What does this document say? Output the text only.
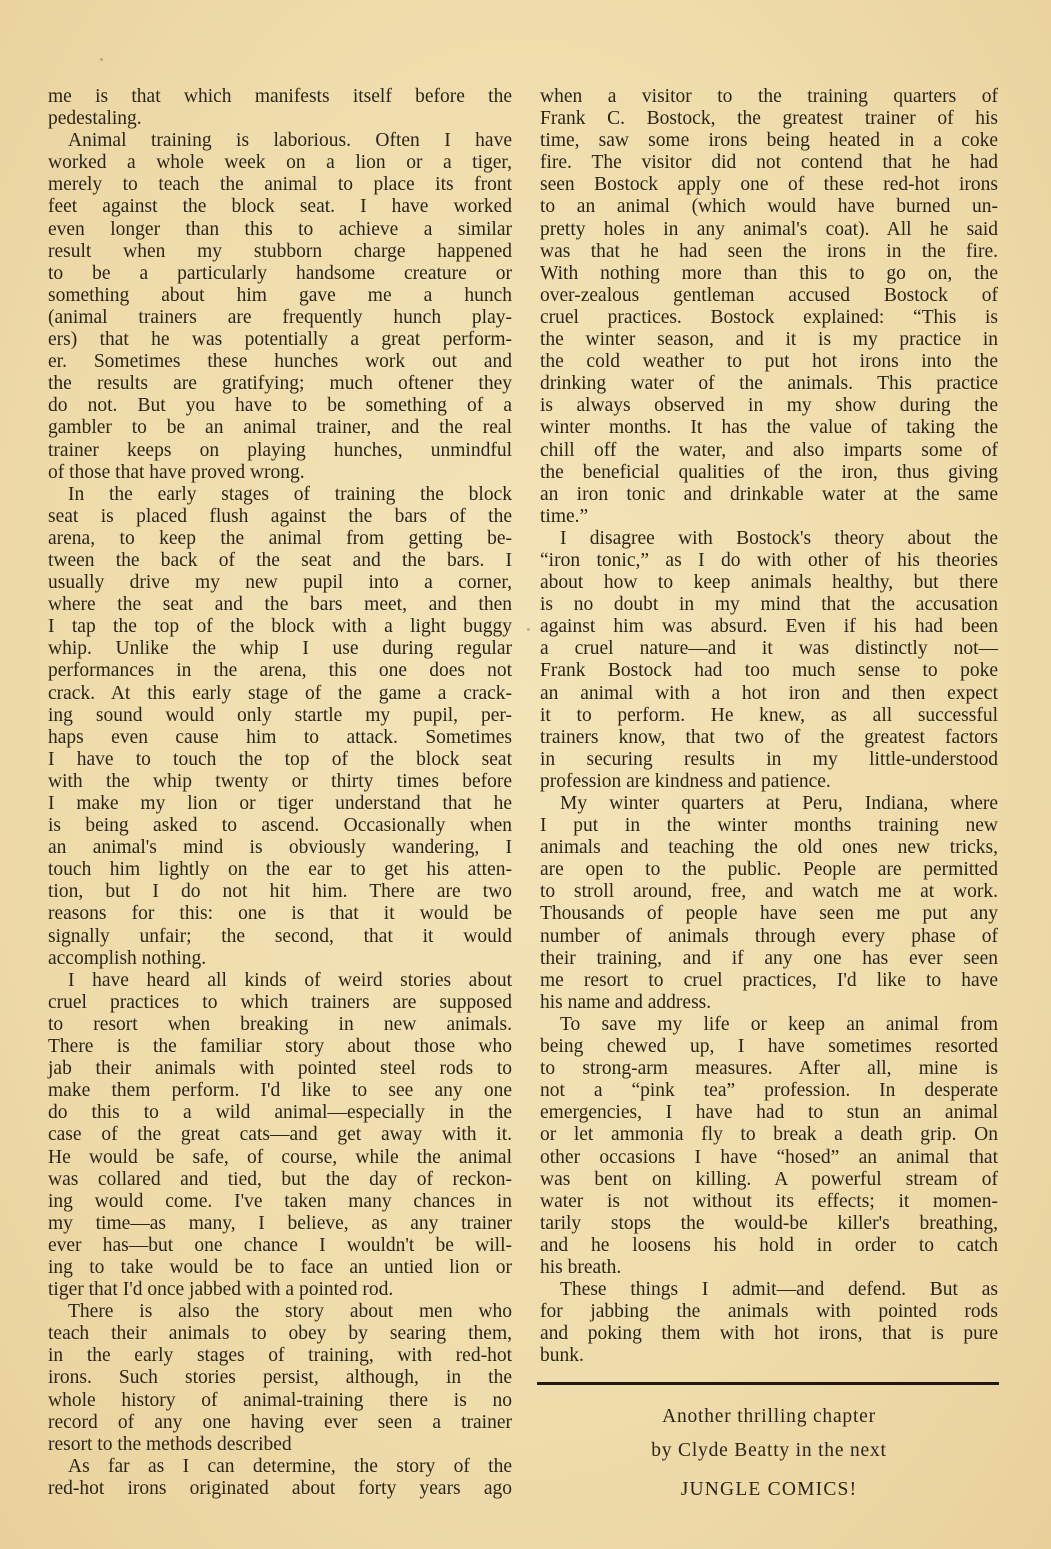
me is that which manifests itself before the
pedestaling.
Animal training is laborious. Often I have
worked a whole week on a lion or a tiger,
merely to teach the animal to place its front
feet against the block seat. I have worked
even longer than this to achieve a similar
result when my stubborn charge happened
to be a particularly handsome creature or
something about him gave me a hunch
(animal trainers are frequently hunch play-
ers) that he was potentially a great perform-
er. Sometimes these hunches work out and
the results are gratifying; much oftener they
do not. But you have to be something of a
gambler to be an animal trainer, and the real
trainer keeps on playing hunches, unmindful
of those that have proved wrong.
In the early stages of training the block
seat is placed flush against the bars of the
arena, to keep the animal from getting be-
tween the back of the seat and the bars. I
usually drive my new pupil into a corner,
where the seat and the bars meet, and then
I tap the top of the block with a light buggy
whip. Unlike the whip I use during regular
performances in the arena, this one does not
crack. At this early stage of the game a crack-
ing sound would only startle my pupil, per-
haps even cause him to attack. Sometimes
I have to touch the top of the block seat
with the whip twenty or thirty times before
I make my lion or tiger understand that he
is being asked to ascend. Occasionally when
an animal's mind is obviously wandering, I
touch him lightly on the ear to get his atten-
tion, but I do not hit him. There are two
reasons for this: one is that it would be
signally unfair; the second, that it would
accomplish nothing.
I have heard all kinds of weird stories about
cruel practices to which trainers are supposed
to resort when breaking in new animals.
There is the familiar story about those who
jab their animals with pointed steel rods to
make them perform. I'd like to see any one
do this to a wild animal—especially in the
case of the great cats—and get away with it.
He would be safe, of course, while the animal
was collared and tied, but the day of reckon-
ing would come. I've taken many chances in
my time—as many, I believe, as any trainer
ever has—but one chance I wouldn't be will-
ing to take would be to face an untied lion or
tiger that I'd once jabbed with a pointed rod.
There is also the story about men who
teach their animals to obey by searing them,
in the early stages of training, with red-hot
irons. Such stories persist, although, in the
whole history of animal-training there is no
record of any one having ever seen a trainer
resort to the methods described
As far as I can determine, the story of the
red-hot irons originated about forty years ago
when a visitor to the training quarters of
Frank C. Bostock, the greatest trainer of his
time, saw some irons being heated in a coke
fire. The visitor did not contend that he had
seen Bostock apply one of these red-hot irons
to an animal (which would have burned un-
pretty holes in any animal's coat). All he said
was that he had seen the irons in the fire.
With nothing more than this to go on, the
over-zealous gentleman accused Bostock of
cruel practices. Bostock explained: “This is
the winter season, and it is my practice in
the cold weather to put hot irons into the
drinking water of the animals. This practice
is always observed in my show during the
winter months. It has the value of taking the
chill off the water, and also imparts some of
the beneficial qualities of the iron, thus giving
an iron tonic and drinkable water at the same
time.”
I disagree with Bostock's theory about the
“iron tonic,” as I do with other of his theories
about how to keep animals healthy, but there
is no doubt in my mind that the accusation
against him was absurd. Even if his had been
a cruel nature—and it was distinctly not—
Frank Bostock had too much sense to poke
an animal with a hot iron and then expect
it to perform. He knew, as all successful
trainers know, that two of the greatest factors
in securing results in my little-understood
profession are kindness and patience.
My winter quarters at Peru, Indiana, where
I put in the winter months training new
animals and teaching the old ones new tricks,
are open to the public. People are permitted
to stroll around, free, and watch me at work.
Thousands of people have seen me put any
number of animals through every phase of
their training, and if any one has ever seen
me resort to cruel practices, I'd like to have
his name and address.
To save my life or keep an animal from
being chewed up, I have sometimes resorted
to strong-arm measures. After all, mine is
not a “pink tea” profession. In desperate
emergencies, I have had to stun an animal
or let ammonia fly to break a death grip. On
other occasions I have “hosed” an animal that
was bent on killing. A powerful stream of
water is not without its effects; it momen-
tarily stops the would-be killer's breathing,
and he loosens his hold in order to catch
his breath.
These things I admit—and defend. But as
for jabbing the animals with pointed rods
and poking them with hot irons, that is pure
bunk.
Another thrilling chapter
by Clyde Beatty in the next
JUNGLE COMICS!
